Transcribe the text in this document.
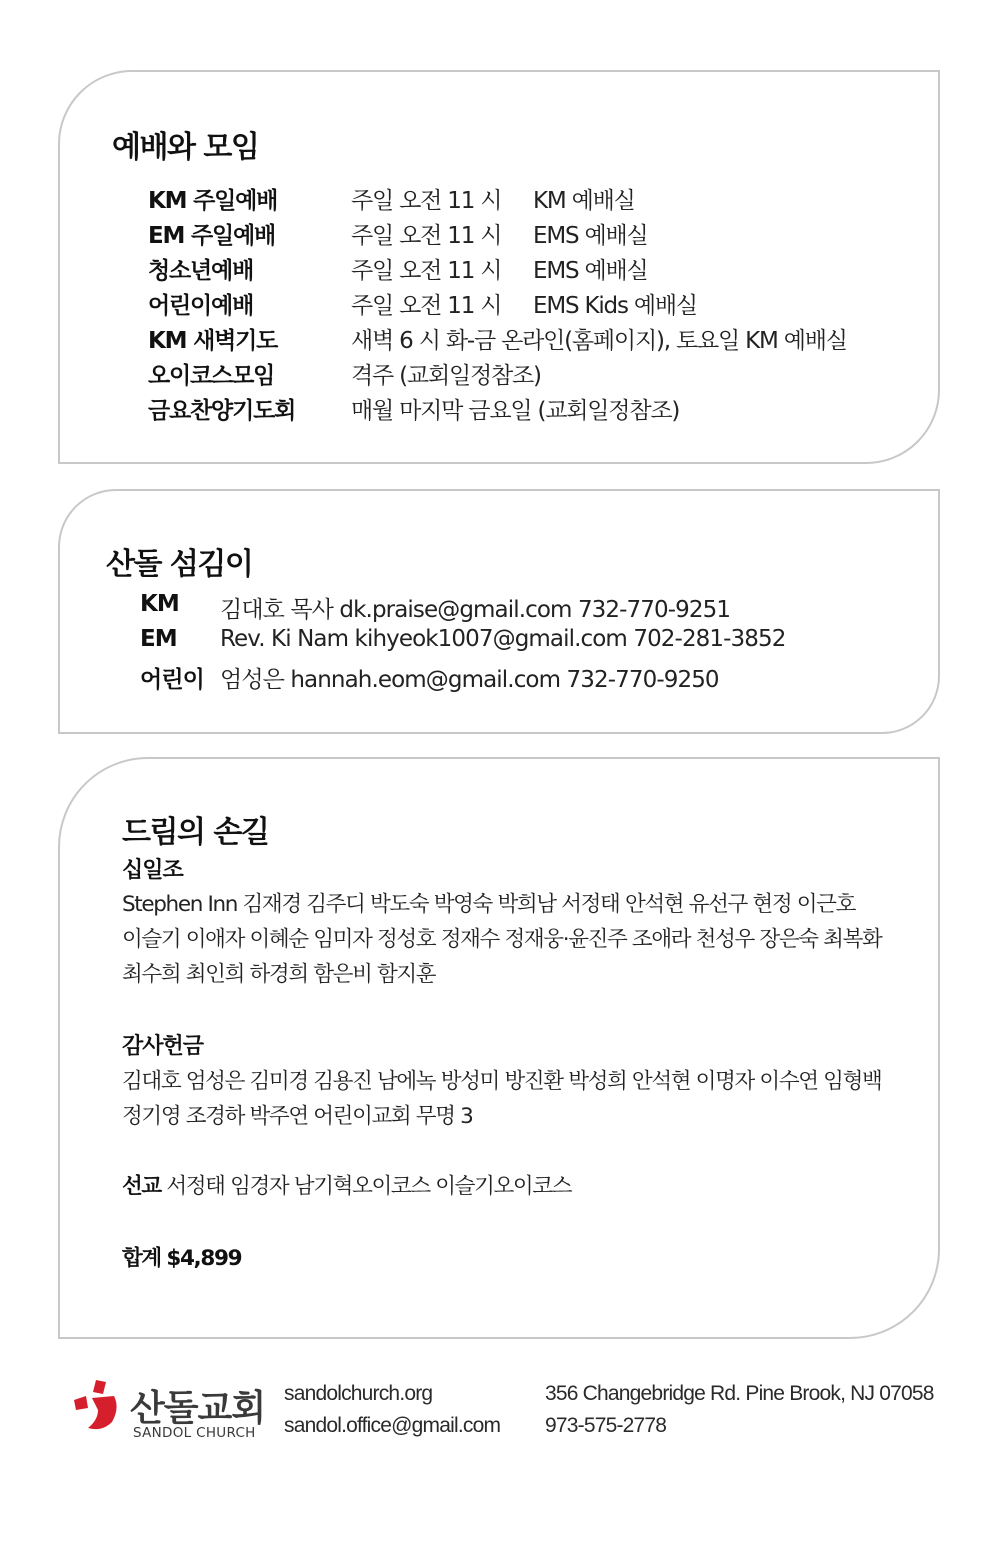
예배와 모임
KM 주일예배	주일 오전 11 시 KM 예배실
EM 주일예배	주일 오전 11 시 EMS 예배실
청소년예배	주일 오전 11 시 EMS 예배실
어린이예배	주일 오전 11 시 EMS Kids 예배실
KM 새벽기도	새벽 6 시 화-금 온라인(홈페이지), 토요일 KM 예배실
오이코스모임	격주 (교회일정참조)
금요찬양기도회 매월 마지막 금요일 (교회일정참조)
산돌 섬김이
KM 김대호 목사 dk.praise@gmail.com 732-770-9251
EM Rev. Ki Nam kihyeok1007@gmail.com 702-281-3852
어린이 엄성은 hannah.eom@gmail.com 732-770-9250
드림의 손길
십일조
Stephen Inn 김재경 김주디 박도숙 박영숙 박희남 서정태 안석현 유선구 현정 이근호
이슬기 이애자 이혜순 임미자 정성호 정재수 정재웅·윤진주 조애라 천성우 장은숙 최복화
최수희 최인희 하경희 함은비 함지훈
감사헌금
김대호 엄성은 김미경 김용진 남에녹 방성미 방진환 박성희 안석현 이명자 이수연 임형백
정기영 조경하 박주연 어린이교회 무명 3
선교 서정태 임경자 남기혁오이코스 이슬기오이코스
합계 $4,899
산돌교회
SANDOL CHURCH
sandolchurch.org
sandol.office@gmail.com
356 Changebridge Rd. Pine Brook, NJ 07058
973-575-2778
